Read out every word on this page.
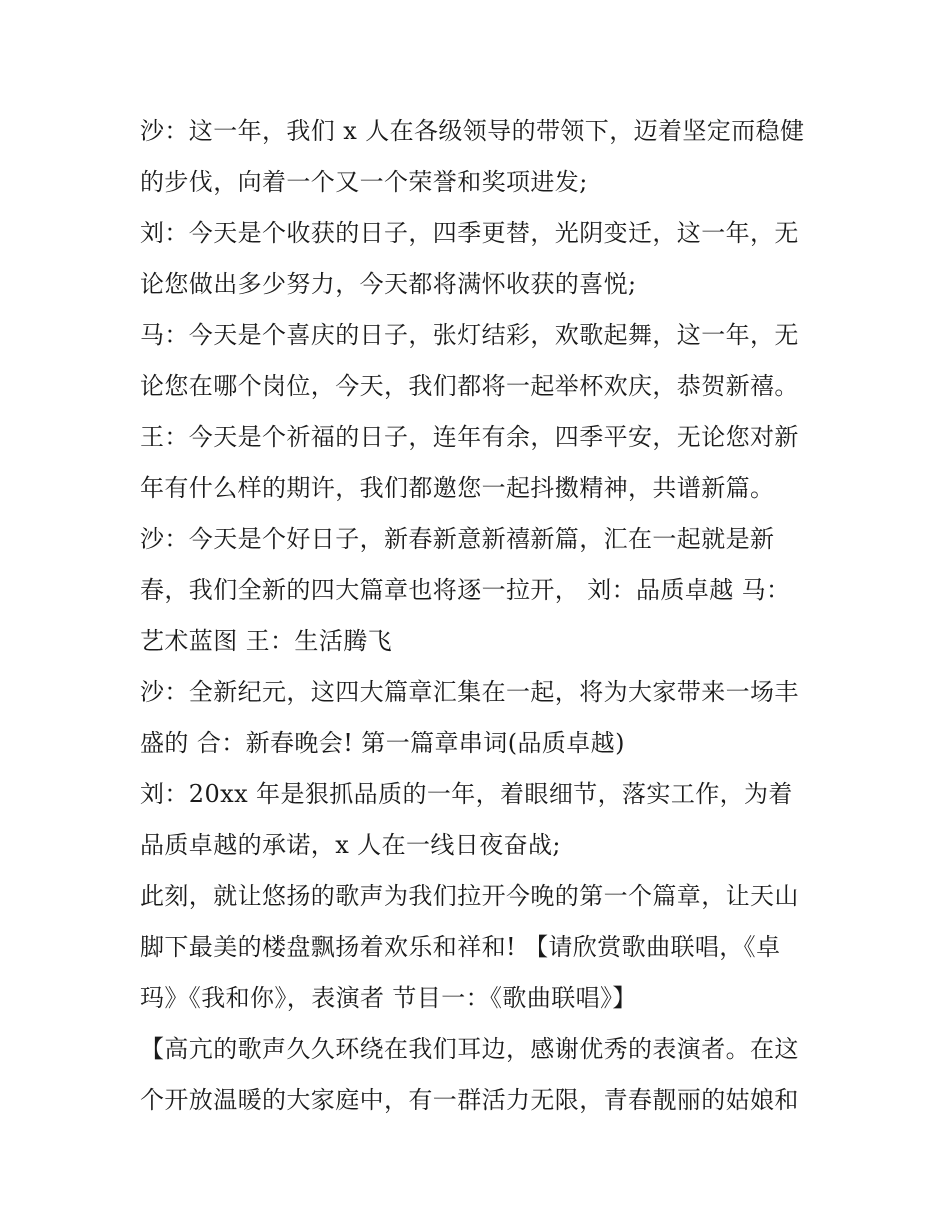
沙：这一年，我们 x 人在各级领导的带领下，迈着坚定而稳健
的步伐，向着一个又一个荣誉和奖项进发;
刘：今天是个收获的日子，四季更替，光阴变迁，这一年，无
论您做出多少努力，今天都将满怀收获的喜悦;
马：今天是个喜庆的日子，张灯结彩，欢歌起舞，这一年，无
论您在哪个岗位，今天，我们都将一起举杯欢庆，恭贺新禧。
王：今天是个祈福的日子，连年有余，四季平安，无论您对新
年有什么样的期许，我们都邀您一起抖擞精神，共谱新篇。
沙：今天是个好日子，新春新意新禧新篇，汇在一起就是新
春，我们全新的四大篇章也将逐一拉开， 刘：品质卓越 马：
艺术蓝图 王：生活腾飞
沙：全新纪元，这四大篇章汇集在一起，将为大家带来一场丰
盛的 合：新春晚会! 第一篇章串词(品质卓越)
刘：20xx 年是狠抓品质的一年，着眼细节，落实工作，为着
品质卓越的承诺，x 人在一线日夜奋战;
此刻，就让悠扬的歌声为我们拉开今晚的第一个篇章，让天山
脚下最美的楼盘飘扬着欢乐和祥和! 【请欣赏歌曲联唱，《卓
玛》《我和你》，表演者 节目一：《歌曲联唱》】
【高亢的歌声久久环绕在我们耳边，感谢优秀的表演者。在这
个开放温暖的大家庭中，有一群活力无限，青春靓丽的姑娘和
